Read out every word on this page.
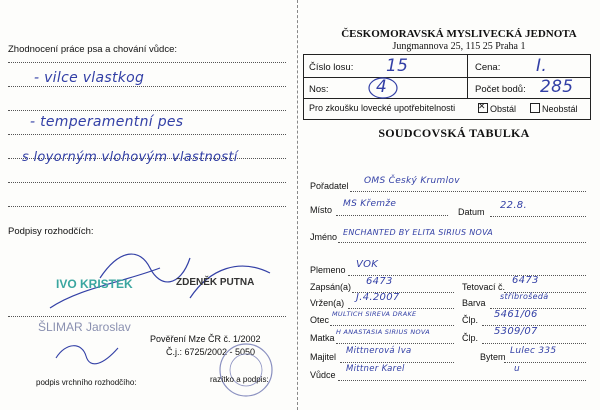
Zhodnocení práce psa a chování vůdce:
- vilce vlastkog
- temperamentní pes
s loyorným vlohovým vlastností
Podpisy rozhodčích:
IVO KRISTEK	ZDENĚK PUTNA
ŠLIMAR Jaroslav
Pověření Mze ČR č. 1/2002
Č.j.: 6725/2002 - 5050
podpis vrchního rozhodčího:	razítko a podpis:
ČESKOMORAVSKÁ MYSLIVECKÁ JEDNOTA
Jungmannova 25, 115 25 Praha 1
Číslo losu: 15	Cena: I.
Nos:	4	Počet bodů: 285
Pro zkoušku lovecké upotřebitelnosti
✕	Obstál	Neobstál
SOUDCOVSKÁ TABULKA
Pořadatel OMS Český Krumlov
Místo
MS Křemže
Datum
22.8.
Jméno ENCHANTED BY ELITA SIRIUS NOVA
Plemeno VOK
Zapsán(a) 6473	Tetovací č.
6473
Vržen(a) J.4.2007	Barva
stříbrošedá
Otec
MULTICH SIREVA DRAKE
Člp. 5461/06
Matka
H ANASTASIA SIRIUS NOVA
Člp.
5309/07
Majitel
Mittnerová Iva
Bytem
Lulec 335
Vůdce
Mittner Karel	u
